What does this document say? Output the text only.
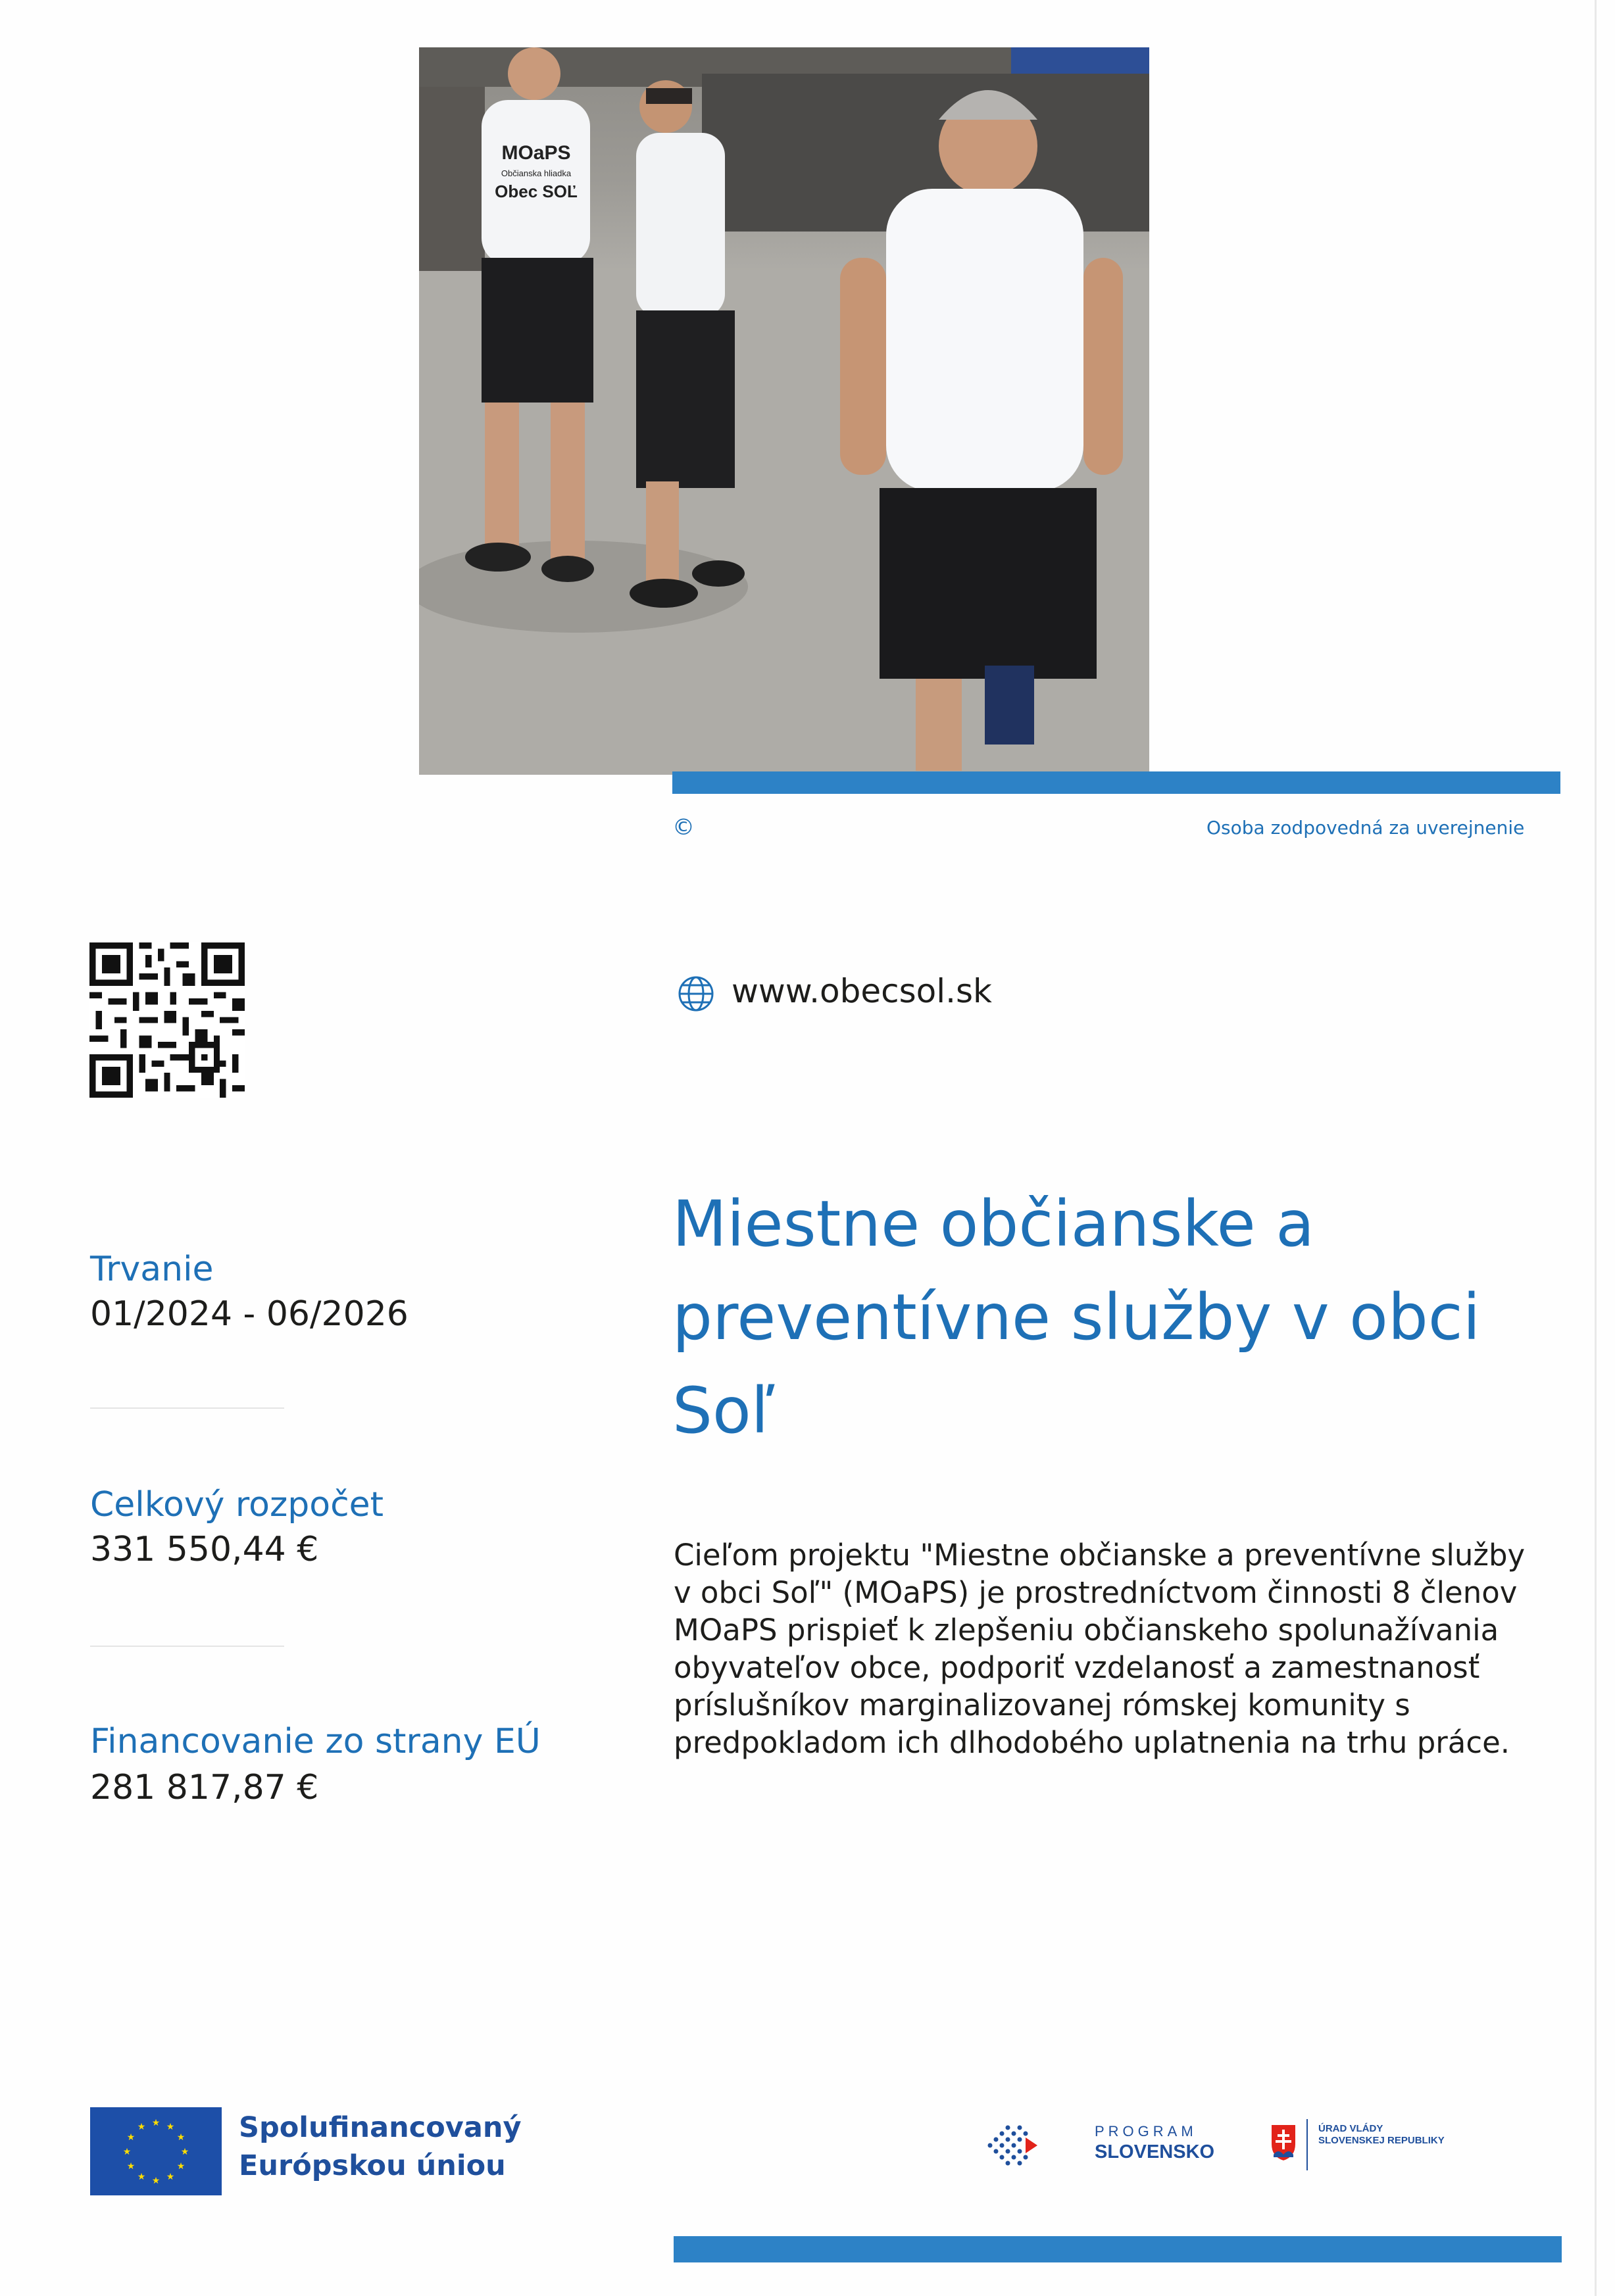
MOaPS
Občianska hliadka
Obec SOĽ
©	Osoba zodpovedná za uverejnenie
www.obecsol.sk
Miestne občianske a preventívne služby v obci Soľ
Trvanie
01/2024 - 06/2026
Celkový rozpočet
331 550,44 €
Financovanie zo strany EÚ
281 817,87 €
Cieľom projektu "Miestne občianske a preventívne služby v obci Soľ" (MOaPS) je prostredníctvom činnosti 8 členov MOaPS prispieť k zlepšeniu občianskeho spolunažívania obyvateľov obce, podporiť vzdelanosť a zamestnanosť príslušníkov marginalizovanej rómskej komunity s predpokladom ich dlhodobého uplatnenia na trhu práce.
★ ★
★
★
★
★
★
★
★
★
★
★	Spolufinancovaný
Európskou úniou
PROGRAM
SLOVENSKO
ÚRAD VLÁDY
SLOVENSKEJ REPUBLIKY
